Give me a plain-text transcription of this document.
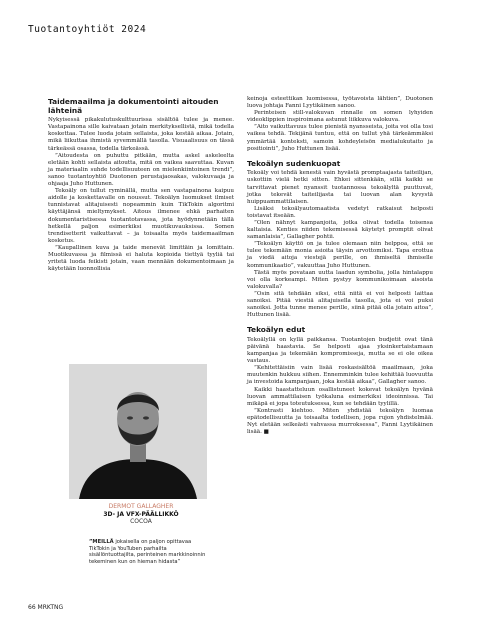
Tuotantoyhtiöt 2024
Taidemaailma ja dokumentointi aitouden lähteinä

Nykyisessä pikakulutuskulttuurissa sisältöä tulee ja menee. Vastapainona sille kaivataan jotain merkityksellistä, mikä todella koskettaa. Tulee luoda jotain sellaista, joka kestää aikaa. Jotain, mikä liikuttaa ihmistä syvemmällä tasolla. Visuaalisuus on tässä tärkeässä osassa, todella tärkeässä.

”Aitoudesta on puhuttu pitkään, mutta askel askeleelta eletään kohti sellaista aitoutta, mitä on vaikea saavuttaa. Kuvan ja materiaalin suhde todellisuuteen on mielenkiintoinen trendi”, sanoo tuotantoyhtiö Duotonen perustajaosakas, valokuvaaja ja ohjaaja Juho Huttunen.

Tekoäly on tullut ryminällä, mutta sen vastapainona kaipuu aidolle ja koskettavalle on noussut. Tekoälyn luomukset ilmiset tunnistavat alitajuisesti nopeammin kuin TikTokin algoritmi käyttäjänsä mieltymykset. Aitous ilmenee ehkä parhaiten dokumentaristisessa tuotantotavassa, jota hyödynnetään tällä hetkellä paljon esimerkiksi muotikuvauksissa. Somen trendisetterit vaikuttavat – ja toisaalta myös taidemaailman kosketus.

”Kaupallinen kuva ja taide menevät limittäin ja lomittain. Muotikuvassa ja filmissä ei haluta kopioida tiettyä tyyliä tai yritetä luoda feikisti jotain, vaan mennään dokumentoimaan ja käytetään luonnollisia

DERMOT GALLAGHER
3D- JA VFX-PÄÄLLIKKÖ
COCOA
”MEILLÄ jokaisella on paljon opittavaa TikTokin ja YouTuben parhailta sisällöntuottajilta, perinteinen markkinoinnin tekeminen kun on hieman hidasta”

keinoja esteettikan luomisessa, työtavoista lähtien”, Duotonen luova johtaja Fanni Lyytikäinen sanoo.

Perinteisen still-valokuvan rinnalle on somen lyhyiden videoklippien inspiroimana astunut liikkuva valokuva.

”Aito vaikuttavuus tulee pienistä nyansseista, joita voi olla tosi vaikea tehdä. Tekijänä tuntuu, että on tullut yhä tärkeämmäksi ymmärtää konteksti, samoin kohdeyleisön medialukutaito ja positiointi”, Juho Huttunen lisää.

Tekoälyn sudenkuopat

Tekoäly voi tehdä kenestä vain hyvästä promptaajasta taiteilijan, uskottiin vielä hetki sitten. Ehkei sittenkään, sillä kaikki se tarvittavat pienet nyanssit tuotannossa tekoälyltä puuttuvat, jotka tekevät taiteilijasta tai luovan alan kyvystä huippuammattilaisen.

Lisäksi tekoälyautomaatista vedetyt ratkaisut helposti toistavat itseään.

”Olen nähnyt kampanjoita, jotka olivat todella toisensa kaltaisia. Kenties niiden tekemisessä käytetyt promptit olivat samanlaisia”, Gallagher pohtii.

”Tekoälyn käyttö on ja tulee olemaan niin helppoa, että se tulee tekemään monia asioita täysin arvottomiksi. Tapa erottua ja viedä aitoja viestejä perille, on ihmiseltä ihmiselle kommunikaatio”, vakuuttaa Juho Huttunen.

Tästä myös povataan uutta laadun symbolia, jolla hintalappu voi olla korkeampi. Miten pystyy kommunikoimaan aisoista valokuvalla?

”Osin sitä tehdään siksi, että niitä ei voi helposti laittaa sanoiksi. Pitää viestiä alitajuisella tasolla, jota ei voi puksi sanoiksi. Jotta tunne menee perille, siinä pitää olla jotain aitoa”, Huttunen lisää.

Tekoälyn edut

Tekoälyllä on kyllä paikkansa. Tuotantojen budjetit ovat tänä päivänä haastavia. Se helposti ajaa yksinkertaistamaan kampanjaa ja tekemään kompromisseja, mutta se ei ole oikea vastaus.

”Kehitettäisiin vain lisää roskasisältöä maailmaan, joka muutenkin hukkuu siihen. Ennemminkin tulee kehittää luovuutta ja investoida kampanjaan, joka kestää aikaa”, Gallagher sanoo.

Kaikki haastatteluun osallistuneet kokevat tekoälyn hyvänä luovan ammattilaisen työkaluna esimerkiksi ideoinnissa. Tai mikäpä ei jopa toteutuksessa, kun se tehdään tyylillä.

”Kontrasti kiehtoo. Miten yhdistää tekoälyn luomaa epätodellisuutta ja toisaalta todellisen, jopa rujon yhdistelmää. Nyt eletään selkeästi vahvassa murroksessa”, Fanni Lyytikäinen lisää. ■

66 MRKTNG
